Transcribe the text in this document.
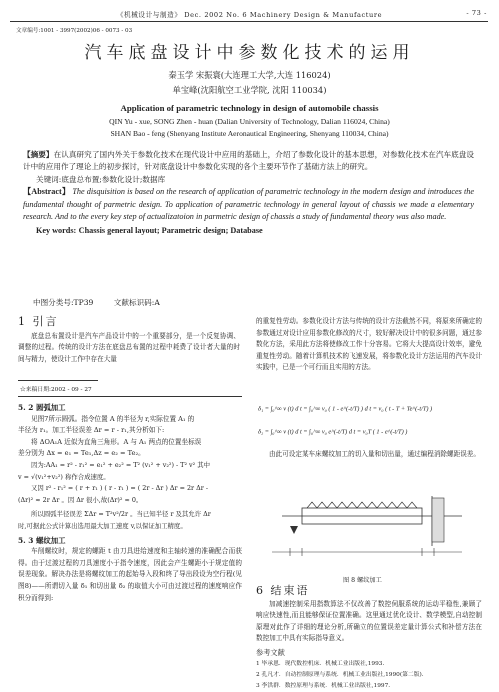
《机械设计与制造》 Dec. 2002 No. 6 Machinery Design & Manufacture	- 73 -
文章编号:1001 - 3997(2002)06 - 0073 - 03
汽车底盘设计中参数化技术的运用
秦玉学 宋振寰(大连理工大学,大连 116024)
单宝峰(沈阳航空工业学院, 沈阳 110034)
Application of parametric technology in design of automobile chassis
QIN Yu - xue, SONG Zhen - huan (Dalian University of Technology, Dalian 116024, China)
SHAN Bao - feng (Shenyang Institute Aeronautical Engineering, Shenyang 110034, China)

【摘要】在认真研究了国内外关于参数化技术在现代设计中应用的基础上，介绍了参数化设计的基本思想，对参数化技术在汽车底盘设计中的应用作了理论上的初步探讨，针对底盘设计中参数化实现的各个主要环节作了基础方法上的研究。

关键词:底盘总布置;参数化设计;数据库

【Abstract】 The disquisition is based on the research of application of parametric technology in the modern design and introduces the fundamental thought of parmetric design. To application of parametric technology in general layout of chassis we made a elementary research. And to the every key step of actualizatoion in parmetric design of chassis a study of fundamental theory was also made.

Key words: Chassis general layout; Parametric design; Database

中图分类号:TP39	文献标识码:A
1 引言

底盘总布置设计是汽车产品设计中的一个重要部分，是一个反复协调、调整的过程。传统的设计方法在底盘总布置的过程中耗费了设计者大量的时间与精力，使设计工作中存在大量

☆来稿日期:2002 - 09 - 27
5. 2 圆弧加工
见图7所示圆弧。指令位置 A 的半径为 r,实际位置 A₁ 的
半径为 r₁。加工半径误差 Δr = r - r₁,其分析如下:
将 ΔOA₁A 近似为直角三角形。A 与 A₁ 两点的位置坐标误
差分别为 Δx = e₁ = Te₁,Δz = e₂ = Te₂。
因为:AA₁ = r² - r₁² = e₁² + e₂² = T² (v₁² + v₂²) - T² v² 其中
v = √(v₁²+v₂²) 称作合成速度。
又因 r² - r₁² = ( r + r₁ ) ( r - r₁ ) = ( 2r - Δr ) Δr = 2r Δr -
(Δr)² ≈ 2r Δr 。因 Δr 很小,故(Δr)² ≈ 0。
所以圆弧半径误差 ΣΔr = T²v²/2r 。当已知半径 r 及其允许 Δr
时,可据此公式计算出选用最大加工速度 v,以保证加工精度。
5. 3 螺纹加工

车削螺纹时，规定的螺距 t 由刀具进给速度和主轴转速的准确配合而获得。由于过渡过程的刀具速度小于指令速度，因此会产生螺距小于规定值的误差现象。解决办法是将螺纹加工的起始导入段和终了导出段设为空行程(见图8)——所谓切入量 δ₁ 和切出量 δ₂ 的取值大小可由过渡过程的速度响应作积分而得到:

的重复性劳动。参数化设计方法与传统的设计方法截然不同，将原来所确定的参数通过对设计应用参数化修改的尺寸，较好解决设计中的很多问题，通过参数化方法，采用此方法将使修改工作十分容易。它将大大提高设计效率，避免重复性劳动。随着计算机技术的飞速发展，将参数化设计方法运用的汽车设计实践中，已是一个可行而且实用的方法。

δ₁ = ∫₀^∞ v (t) d t = ∫₀^∞ v₀ ( 1 - e^(-t/T) ) d t = v₀ ( t - T + Te^(-t/T) )
δ₂ = ∫₀^∞ v (t) d t = ∫₀^∞ v₀ e^(-t/T) d t = v₀T ( 1 - e^(-t/T) )

由此可设定某车床螺纹加工的切入量和切出量，通过编程消除螺距误差。

图 8 螺纹加工
6 结束语

加减速控制采用指数算法不仅改善了数控伺服系统的运动平稳性,兼顾了响应快速性,而且能够保证位置准确。这里通过优化设计、数学模型,自动控制原理对此作了详细的理论分析,所确立的位置误差定量计算公式和补偿方法在数控加工中具有实际指导意义。

参考文献
1 毕承恩．现代数控机床．机械工业出版社,1993.
2 孔凡才．自动控制原理与系统．机械工业出版社,1990(第二版).
3 李洪群．数控原理与系统．机械工业出版社,1997.
